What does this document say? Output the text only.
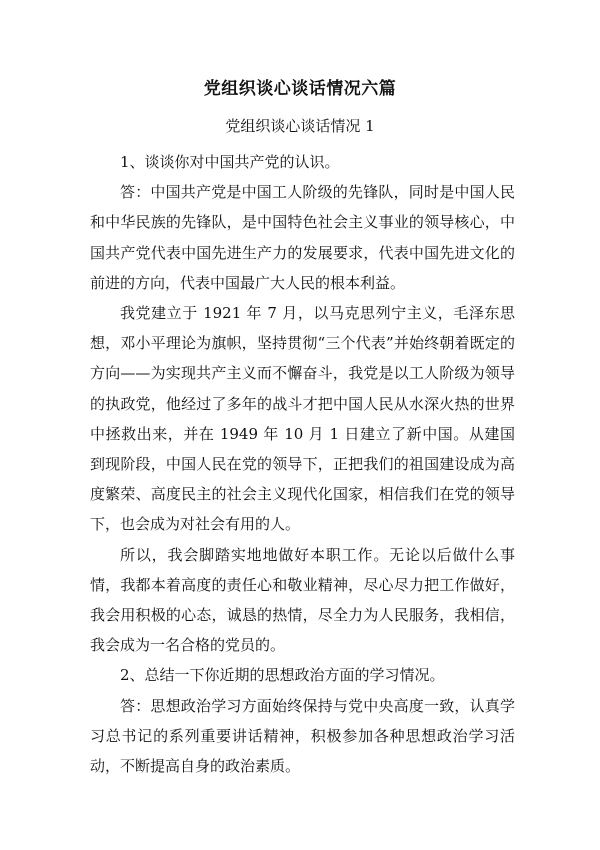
党组织谈心谈话情况六篇
党组织谈心谈话情况 1

1、谈谈你对中国共产党的认识。

答：中国共产党是中国工人阶级的先锋队，同时是中国人民和中华民族的先锋队，是中国特色社会主义事业的领导核心，中国共产党代表中国先进生产力的发展要求，代表中国先进文化的前进的方向，代表中国最广大人民的根本利益。

我党建立于 1921 年 7 月，以马克思列宁主义，毛泽东思想，邓小平理论为旗帜，坚持贯彻“三个代表”并始终朝着既定的方向——为实现共产主义而不懈奋斗，我党是以工人阶级为领导的执政党，他经过了多年的战斗才把中国人民从水深火热的世界中拯救出来，并在 1949 年 10 月 1 日建立了新中国。从建国到现阶段，中国人民在党的领导下，正把我们的祖国建设成为高度繁荣、高度民主的社会主义现代化国家，相信我们在党的领导下，也会成为对社会有用的人。

所以，我会脚踏实地地做好本职工作。无论以后做什么事情，我都本着高度的责任心和敬业精神，尽心尽力把工作做好，我会用积极的心态，诚恳的热情，尽全力为人民服务，我相信，我会成为一名合格的党员的。

2、总结一下你近期的思想政治方面的学习情况。

答：思想政治学习方面始终保持与党中央高度一致，认真学习总书记的系列重要讲话精神，积极参加各种思想政治学习活动，不断提高自身的政治素质。
